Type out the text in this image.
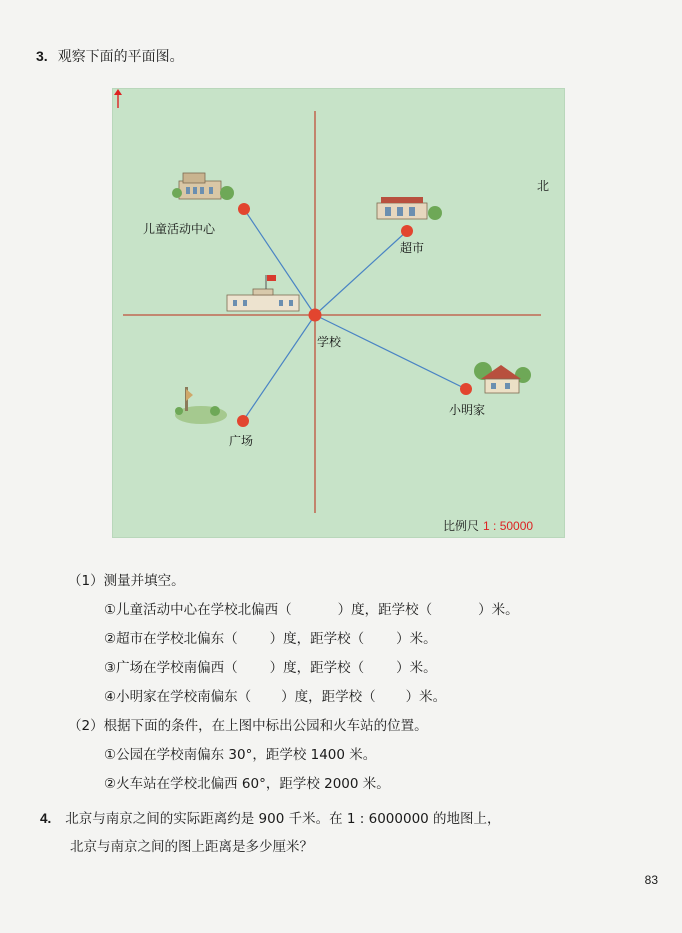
3. 观察下面的平面图。
儿童活动中心
超市
学校
小明家
广场
北
比例尺 1 : 50000
（1）测量并填空。
①儿童活动中心在学校北偏西（	）度，距学校（	）米。
②超市在学校北偏东（ ）度，距学校（ ）米。
③广场在学校南偏西（ ）度，距学校（ ）米。
④小明家在学校南偏东（ ）度，距学校（ ）米。
（2）根据下面的条件，在上图中标出公园和火车站的位置。
①公园在学校南偏东 30°，距学校 1400 米。
②火车站在学校北偏西 60°，距学校 2000 米。
4. 北京与南京之间的实际距离约是 900 千米。在 1 : 6000000 的地图上，
北京与南京之间的图上距离是多少厘米？
83
